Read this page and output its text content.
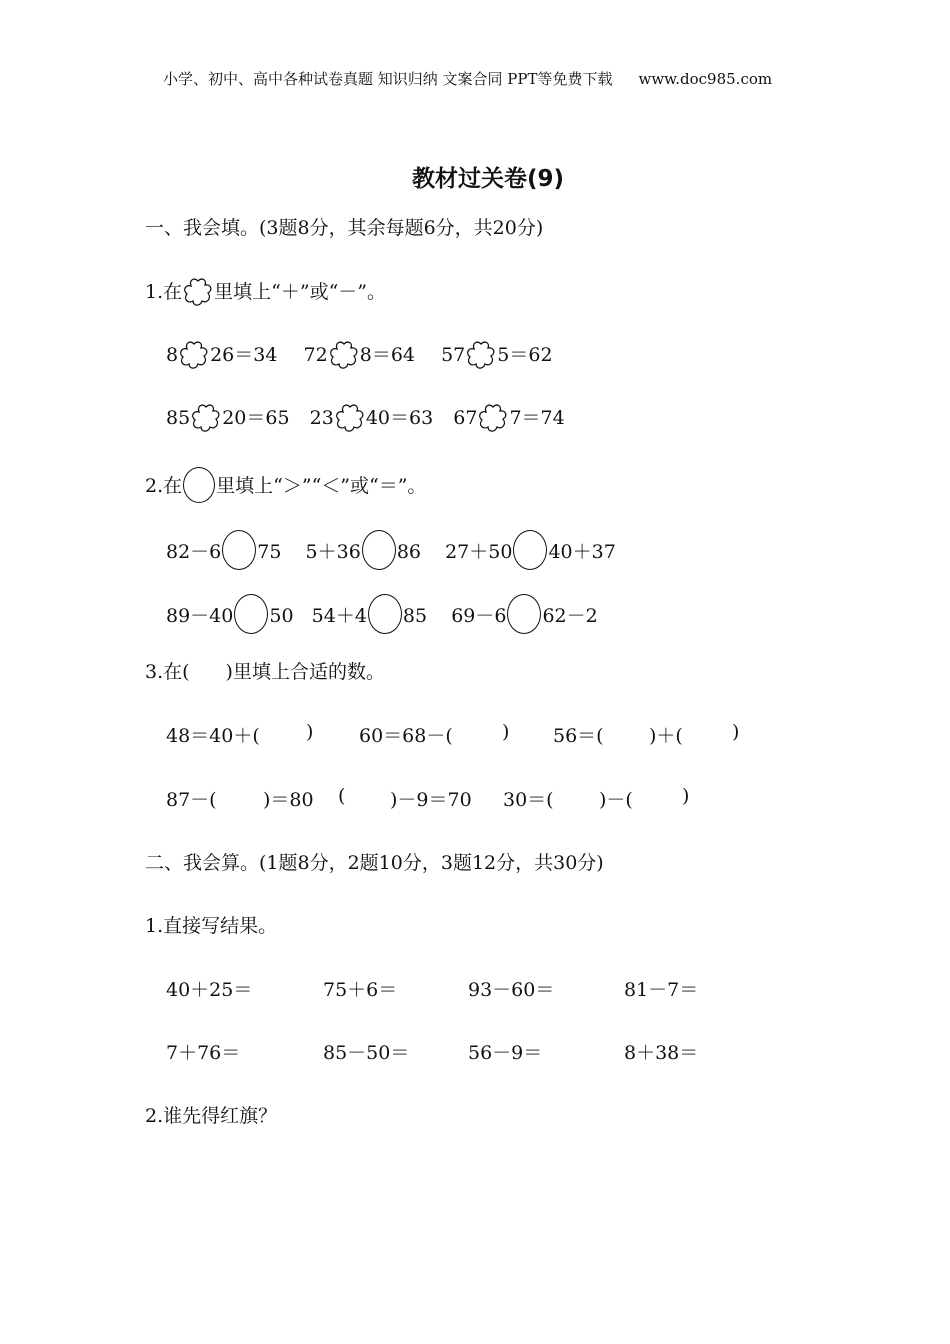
小学、初中、高中各种试卷真题 知识归纳 文案合同 PPT等免费下载 www.doc985.com
教材过关卷(9)
一、我会填。(3题8分，其余每题6分，共20分)
1.在 里填上“＋”或“－”。
8 26＝34 72 8＝64 57 5＝62
85 20＝65 23 40＝63 67 7＝74
2.在 里填上“＞”“＜”或“＝”。
82－6 75 5＋36 86 27＋50 40＋37
89－40 50 54＋4 85 69－6 62－2
3.在( )里填上合适的数。
48＝40＋( ) 60＝68－(	) 56＝( )＋(	)
87－( )＝80 ( )－9＝70 30＝( )－(	)
二、我会算。(1题8分，2题10分，3题12分，共30分)
1.直接写结果。
40＋25＝	75＋6＝	93－60＝	81－7＝
7＋76＝	85－50＝	56－9＝	8＋38＝
2.谁先得红旗？
